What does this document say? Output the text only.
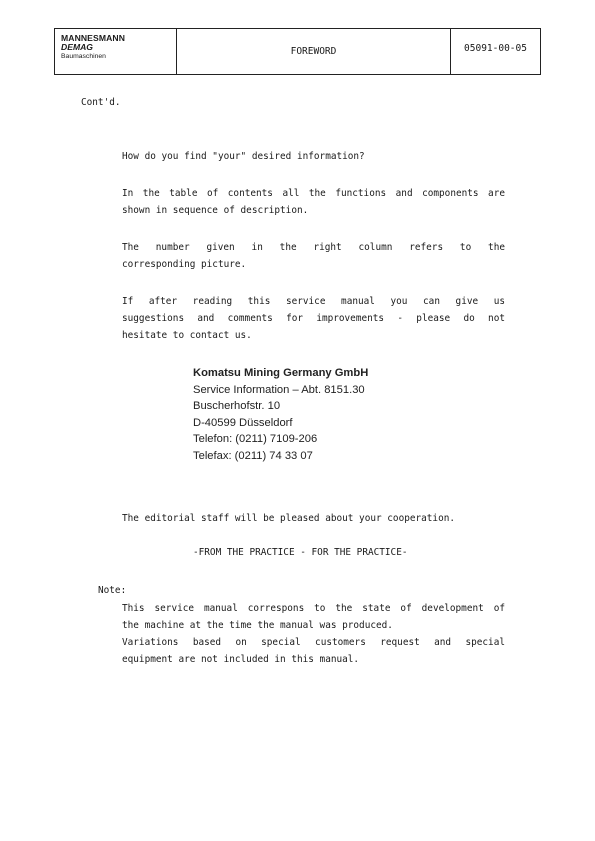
MANNESMANN
DEMAG
Baumaschinen	FOREWORD	05091-00-05
Cont'd.
How do you find "your" desired information?
In the table of contents all the functions and components are
shown in sequence of description.
The number given in the right column refers to the
corresponding picture.
If after reading this service manual you can give us
suggestions and comments for improvements - please do not
hesitate to contact us.
Komatsu Mining Germany GmbH
Service Information – Abt. 8151.30
Buscherhofstr. 10
D-40599 Düsseldorf
Telefon: (0211) 7109-206
Telefax: (0211) 74 33 07
The editorial staff will be pleased about your cooperation.
-FROM THE PRACTICE - FOR THE PRACTICE-
Note:
This service manual correspons to the state of development of
the machine at the time the manual was produced.
Variations based on special customers request and special
equipment are not included in this manual.
